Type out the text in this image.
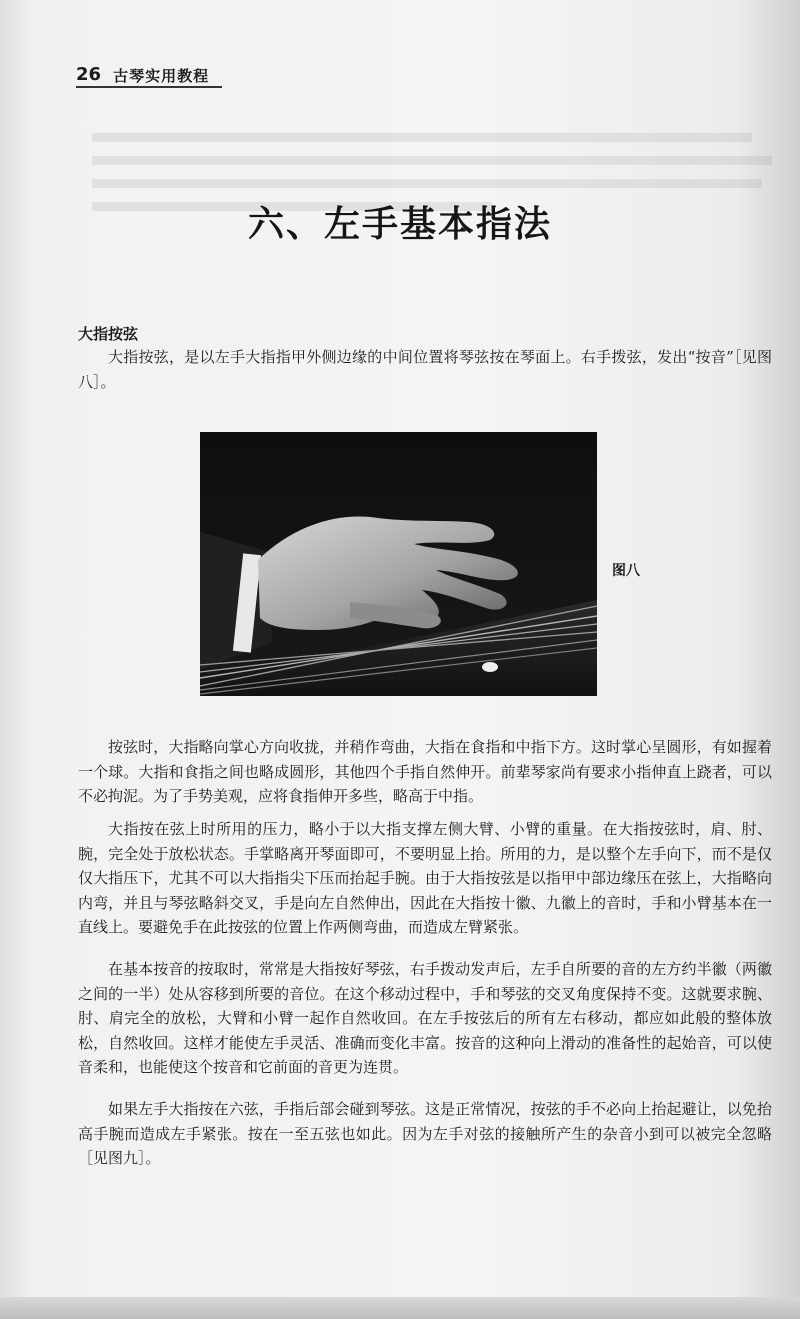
26 古琴实用教程
六、左手基本指法
大指按弦

大指按弦，是以左手大指指甲外侧边缘的中间位置将琴弦按在琴面上。右手拨弦，发出“按音”［见图八］。

图八

按弦时，大指略向掌心方向收拢，并稍作弯曲，大指在食指和中指下方。这时掌心呈圆形，有如握着一个球。大指和食指之间也略成圆形，其他四个手指自然伸开。前辈琴家尚有要求小指伸直上跷者，可以不必拘泥。为了手势美观，应将食指伸开多些，略高于中指。

大指按在弦上时所用的压力，略小于以大指支撑左侧大臂、小臂的重量。在大指按弦时，肩、肘、腕，完全处于放松状态。手掌略离开琴面即可，不要明显上抬。所用的力，是以整个左手向下，而不是仅仅大指压下，尤其不可以大指指尖下压而抬起手腕。由于大指按弦是以指甲中部边缘压在弦上，大指略向内弯，并且与琴弦略斜交叉，手是向左自然伸出，因此在大指按十徽、九徽上的音时，手和小臂基本在一直线上。要避免手在此按弦的位置上作两侧弯曲，而造成左臂紧张。

在基本按音的按取时，常常是大指按好琴弦，右手拨动发声后，左手自所要的音的左方约半徽（两徽之间的一半）处从容移到所要的音位。在这个移动过程中，手和琴弦的交叉角度保持不变。这就要求腕、肘、肩完全的放松，大臂和小臂一起作自然收回。在左手按弦后的所有左右移动，都应如此般的整体放松，自然收回。这样才能使左手灵活、准确而变化丰富。按音的这种向上滑动的准备性的起始音，可以使音柔和，也能使这个按音和它前面的音更为连贯。

如果左手大指按在六弦，手指后部会碰到琴弦。这是正常情况，按弦的手不必向上抬起避让，以免抬高手腕而造成左手紧张。按在一至五弦也如此。因为左手对弦的接触所产生的杂音小到可以被完全忽略［见图九］。
